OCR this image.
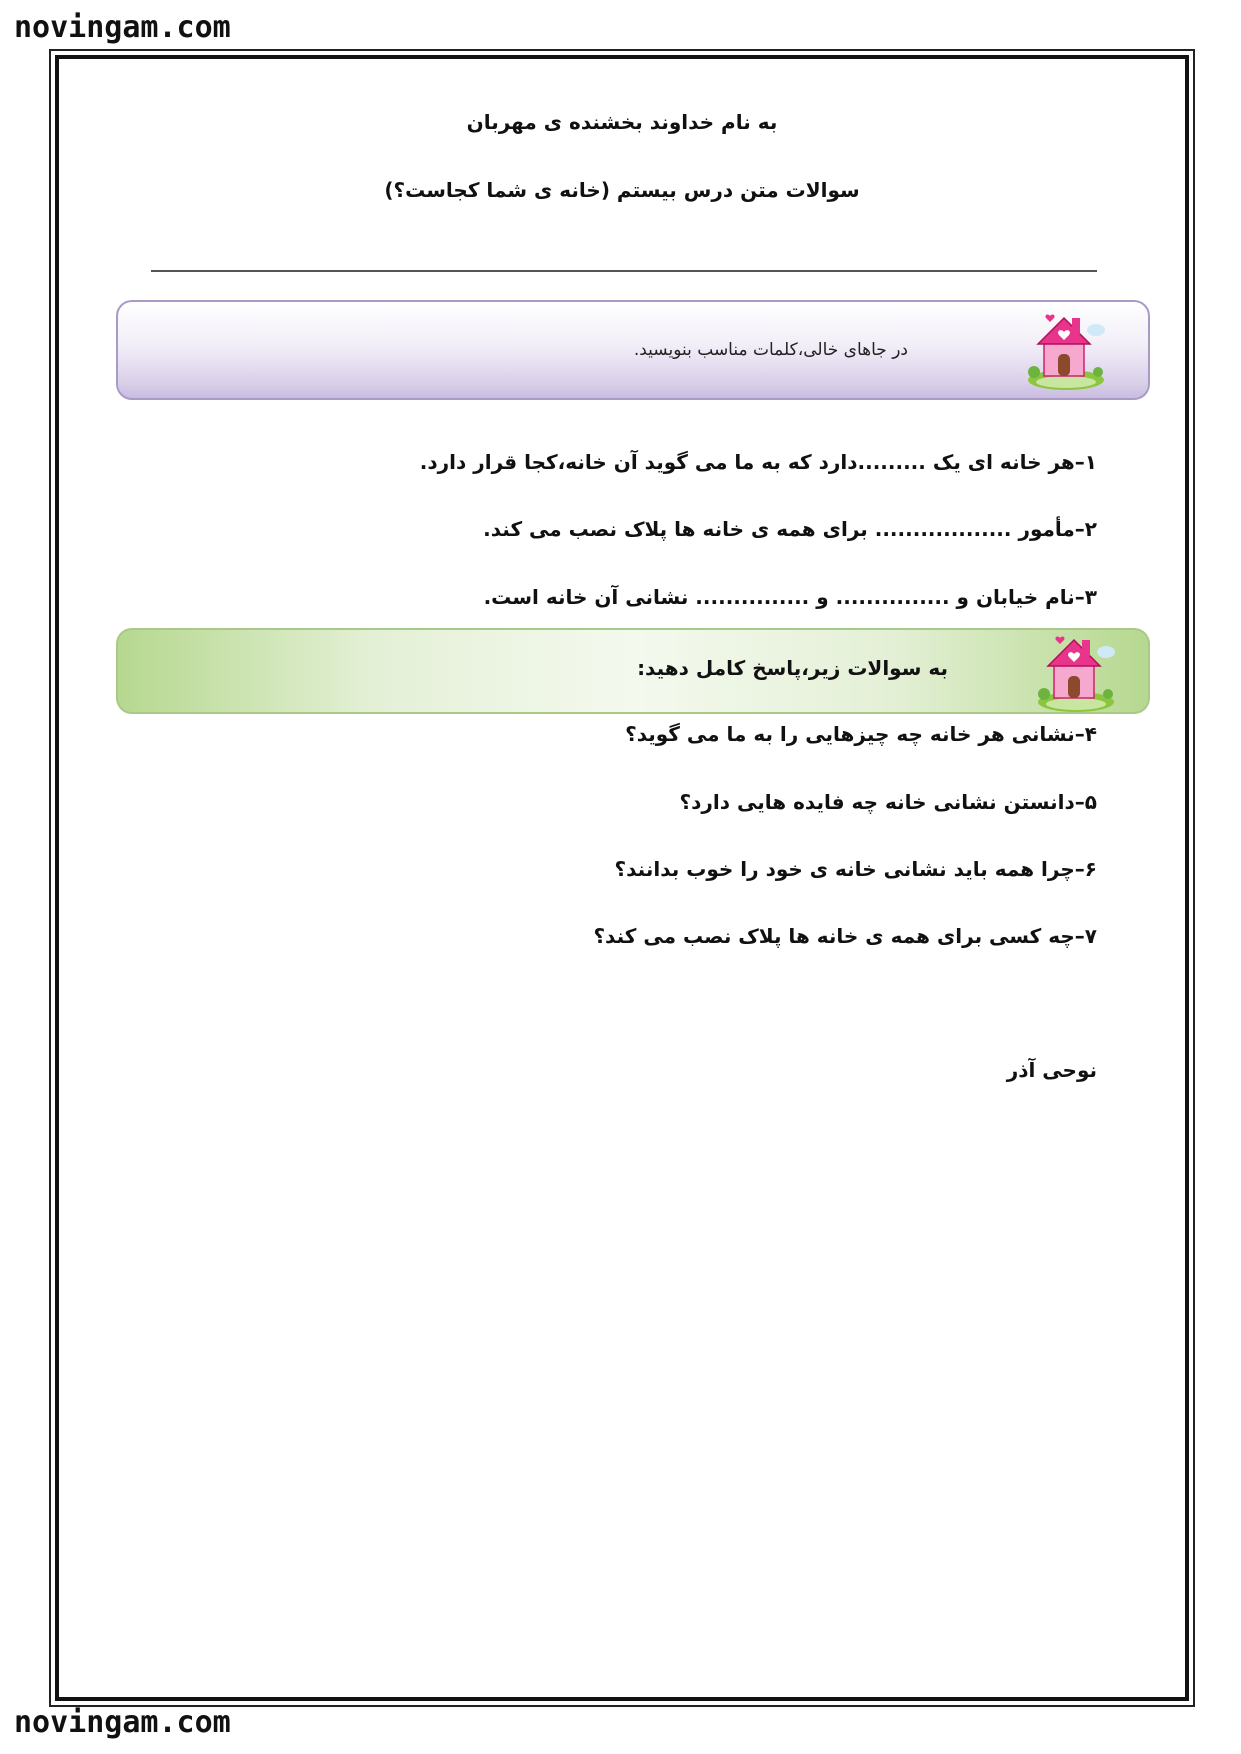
novingam.com
به نام خداوند بخشنده ی مهربان
سوالات متن درس بیستم (خانه ی شما کجاست؟)
در جاهای خالی،کلمات مناسب بنویسید.
۱–هر خانه ای یک .........دارد که به ما می گوید آن خانه،کجا قرار دارد.
۲–مأمور .................. برای همه ی خانه ها پلاک نصب می کند.
۳–نام خیابان و ............... و ............... نشانی آن خانه است.
به سوالات زیر،پاسخ کامل دهید:
۴–نشانی هر خانه چه چیزهایی را به ما می گوید؟
۵–دانستن نشانی خانه چه فایده هایی دارد؟
۶–چرا همه باید نشانی خانه ی خود را خوب بدانند؟
۷–چه کسی برای همه ی خانه ها پلاک نصب می کند؟
نوحی آذر
novingam.com
